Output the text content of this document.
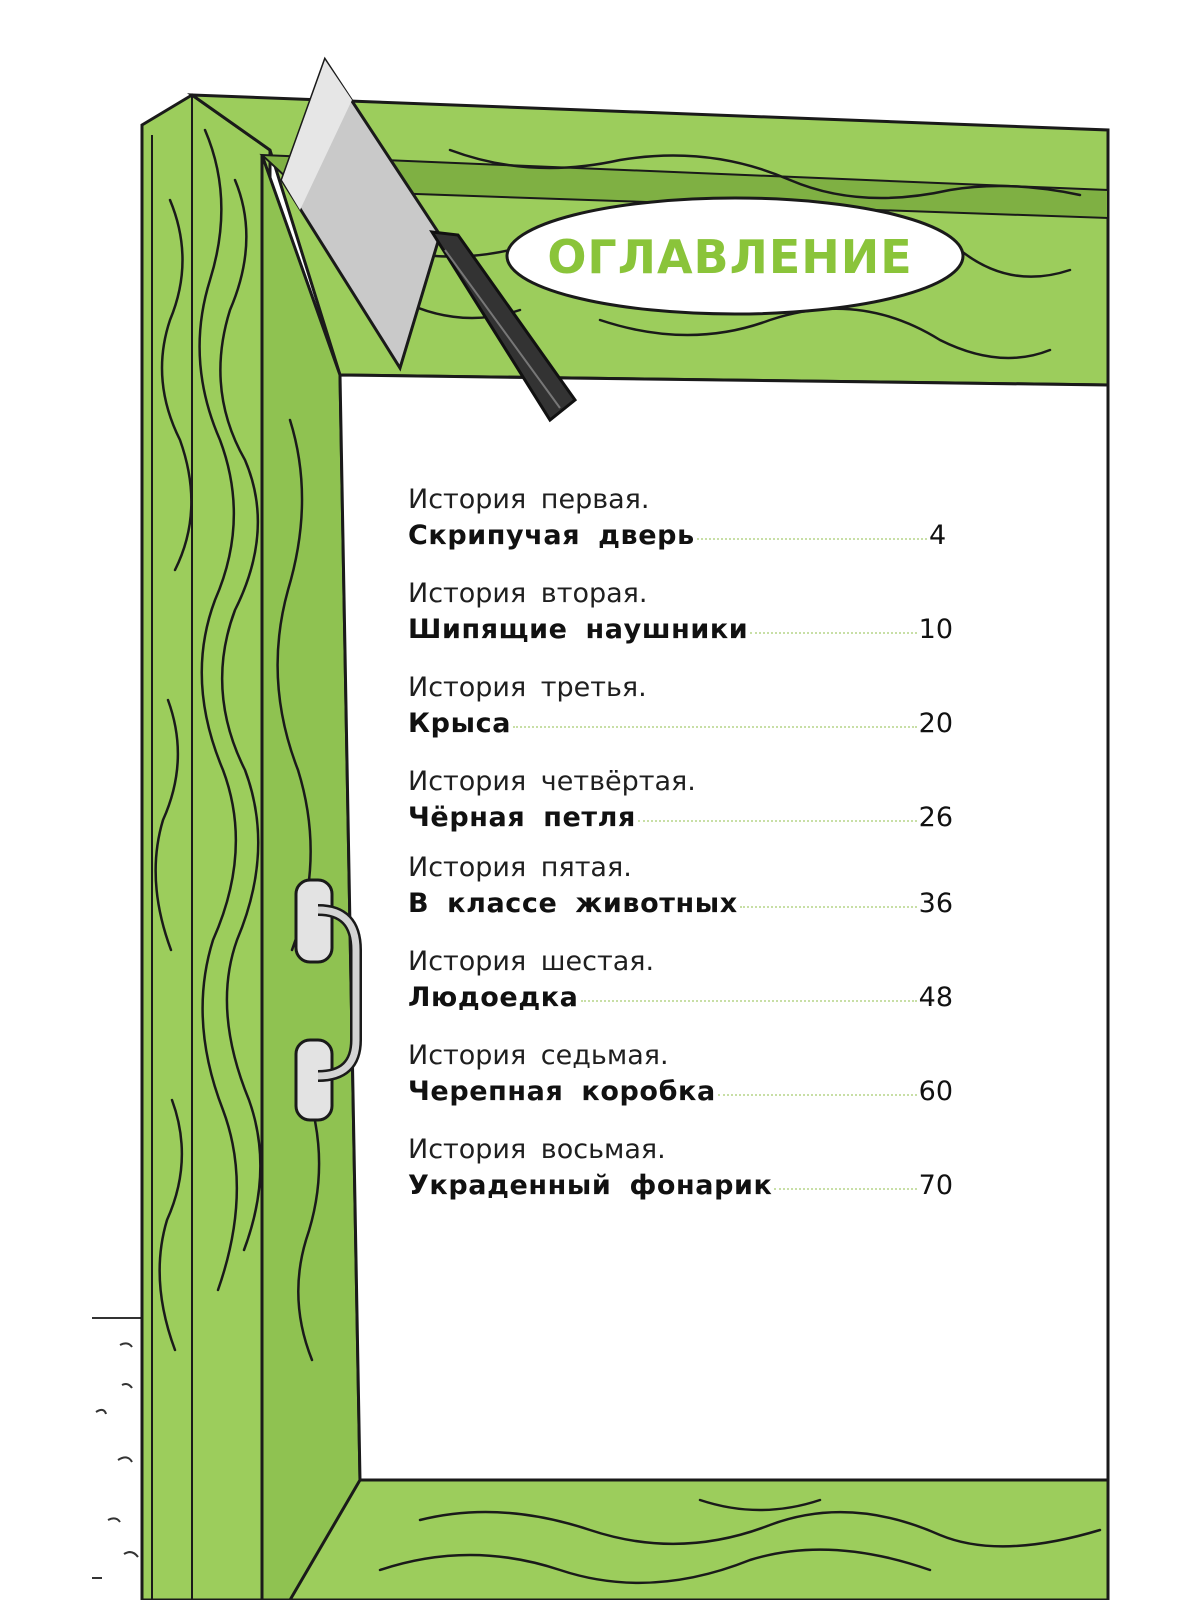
ОГЛАВЛЕНИЕ
История первая.
Скрипучая дверь	4
История вторая.
Шипящие наушники	10
История третья.
Крыса	20
История четвёртая.
Чёрная петля	26
История пятая.
В классе животных	36
История шестая.
Людоедка	48
История седьмая.
Черепная коробка	60
История восьмая.
Украденный фонарик	70
